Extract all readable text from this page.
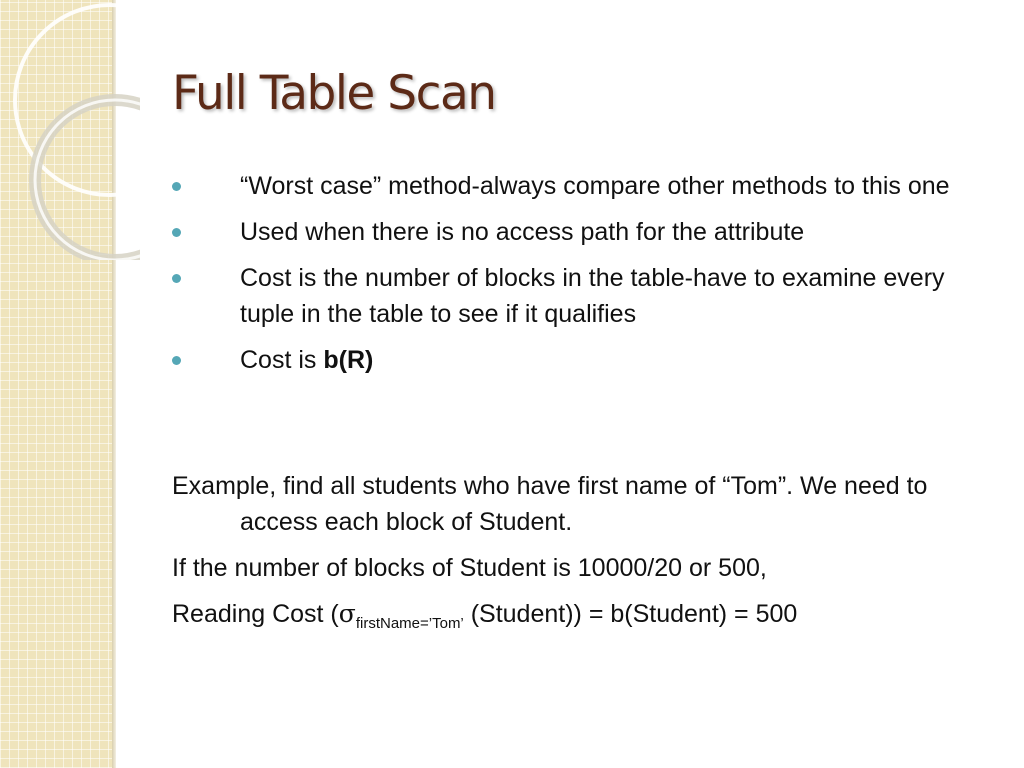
Full Table Scan
“Worst case” method-always compare other methods to this one
Used when there is no access path for the attribute
Cost is the number of blocks in the table-have to examine every tuple in the table to see if it qualifies
Cost is b(R)

Example, find all students who have first name of “Tom”. We need to access each block of Student.

If the number of blocks of Student is 10000/20 or 500,

Reading Cost ($\sigma_{firstName=’Tom’}$ (Student)) = b(Student) = 500
